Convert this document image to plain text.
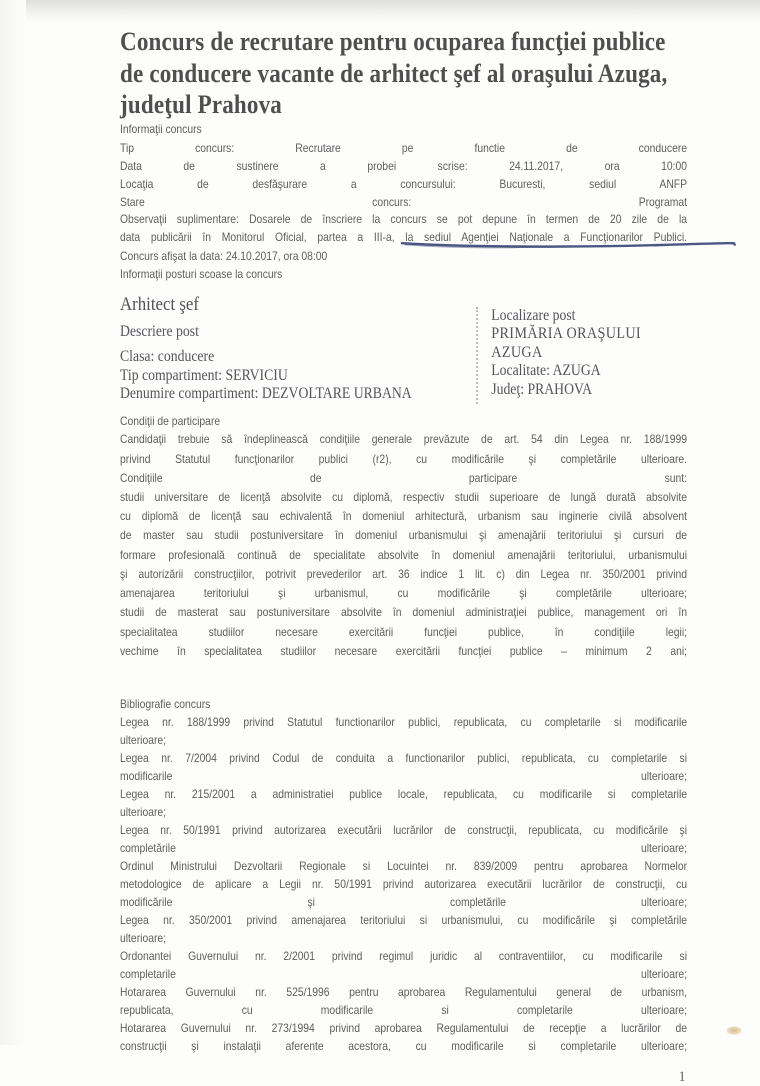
Concurs de recrutare pentru ocuparea funcţiei publice
de conducere vacante de arhitect şef al oraşului Azuga,
judeţul Prahova
Informaţii concurs
Tip concurs: Recrutare pe functie de conducere
Data de sustinere a probei scrise: 24.11.2017, ora 10:00
Locaţia de desfăşurare a concursului: Bucuresti, sediul ANFP
Stare concurs: Programat
Observaţii suplimentare: Dosarele de înscriere la concurs se pot depune în termen de 20 zile de la
data publicării în Monitorul Oficial, partea a III-a, la sediul Agenţiei Naţionale a Funcţionarilor Publici.
Concurs afişat la data: 24.10.2017, ora 08:00
Informaţii posturi scoase la concurs
Arhitect şef
Descriere post
Clasa: conducere
Tip compartiment: SERVICIU
Denumire compartiment: DEZVOLTARE URBANA
Localizare post
PRIMĂRIA ORAŞULUI AZUGA
Localitate: AZUGA
Judeţ: PRAHOVA
Condiţii de participare
Candidaţii trebuie să îndeplinească condiţiile generale prevăzute de art. 54 din Legea nr. 188/1999
privind Statutul funcţionarilor publici (r2), cu modificările şi completările ulterioare.
Condiţiile de participare sunt:
studii universitare de licenţă absolvite cu diplomă, respectiv studii superioare de lungă durată absolvite
cu diplomă de licenţă sau echivalentă în domeniul arhitectură, urbanism sau inginerie civilă absolvent
de master sau studii postuniversitare în domeniul urbanismului şi amenajării teritoriului şi cursuri de
formare profesională continuă de specialitate absolvite în domeniul amenajării teritoriului, urbanismului
şi autorizării construcţiilor, potrivit prevederilor art. 36 indice 1 lit. c) din Legea nr. 350/2001 privind
amenajarea teritoriului şi urbanismul, cu modificările şi completările ulterioare;
studii de masterat sau postuniversitare absolvite în domeniul administraţiei publice, management ori în
specialitatea studiilor necesare exercitării funcţiei publice, în condiţiile legii;
vechime în specialitatea studiilor necesare exercitării funcţiei publice – minimum 2 ani;
Bibliografie concurs
Legea nr. 188/1999 privind Statutul functionarilor publici, republicata, cu completarile si modificarile
ulterioare;
Legea nr. 7/2004 privind Codul de conduita a functionarilor publici, republicata, cu completarile si
modificarile ulterioare;
Legea nr. 215/2001 a administratiei publice locale, republicata, cu modificarile si completarile
ulterioare;
Legea nr. 50/1991 privind autorizarea executării lucrărilor de construcţii, republicata, cu modificările şi
completările ulterioare;
Ordinul Ministrului Dezvoltarii Regionale si Locuintei nr. 839/2009 pentru aprobarea Normelor
metodologice de aplicare a Legii nr. 50/1991 privind autorizarea executării lucrărilor de construcţii, cu
modificările şi completările ulterioare;
Legea nr. 350/2001 privind amenajarea teritoriului si urbanismului, cu modificările şi completările
ulterioare;
Ordonantei Guvernului nr. 2/2001 privind regimul juridic al contraventiilor, cu modificarile si
completarile ulterioare;
Hotararea Guvernului nr. 525/1996 pentru aprobarea Regulamentului general de urbanism,
republicata, cu modificarile si completarile ulterioare;
Hotararea Guvernului nr. 273/1994 privind aprobarea Regulamentului de recepţie a lucrărilor de
construcţii şi instalaţii aferente acestora, cu modificarile si completarile ulterioare;
1
